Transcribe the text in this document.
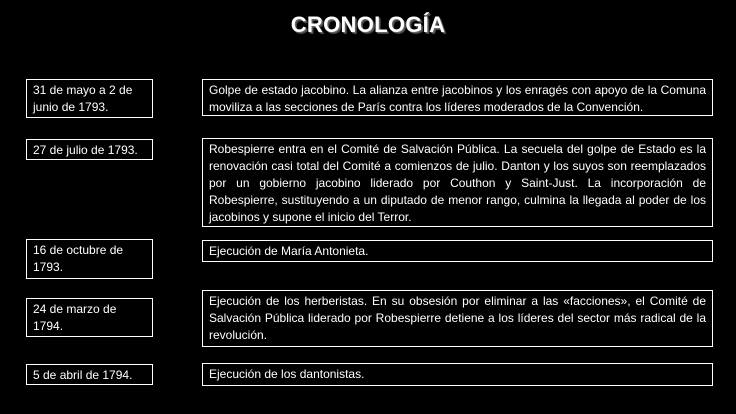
CRONOLOGÍA
31 de mayo a 2 de junio de 1793.
Golpe de estado jacobino. La alianza entre jacobinos y los enragés con apoyo de la Comuna moviliza a las secciones de París contra los líderes moderados de la Convención.
27 de julio de 1793.	Robespierre entra en el Comité de Salvación Pública. La secuela del golpe de Estado es la renovación casi total del Comité a comienzos de julio. Danton y los suyos son reemplazados por un gobierno jacobino liderado por Couthon y Saint-Just. La incorporación de Robespierre, sustituyendo a un diputado de menor rango, culmina la llegada al poder de los jacobinos y supone el inicio del Terror.
16 de octubre de 1793.
Ejecución de María Antonieta.
24 de marzo de 1794.
Ejecución de los herberistas. En su obsesión por eliminar a las «facciones», el Comité de Salvación Pública liderado por Robespierre detiene a los líderes del sector más radical de la revolución.
5 de abril de 1794.	Ejecución de los dantonistas.
